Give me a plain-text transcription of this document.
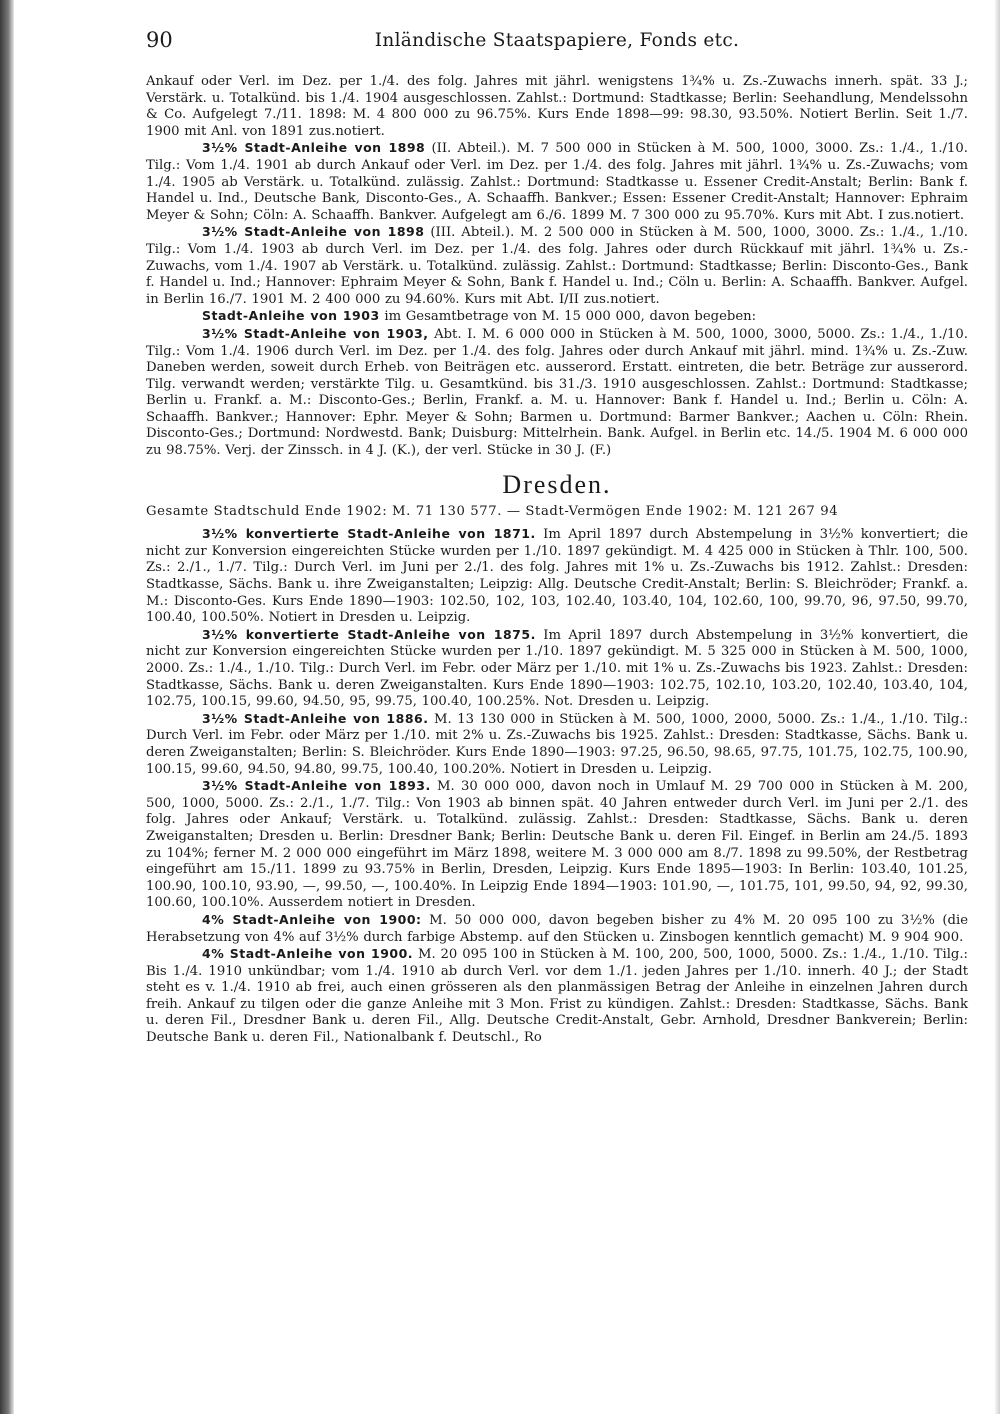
90	Inländische Staatspapiere, Fonds etc.

Ankauf oder Verl. im Dez. per 1./4. des folg. Jahres mit jährl. wenigstens 1¾% u. Zs.-Zuwachs innerh. spät. 33 J.; Verstärk. u. Totalkünd. bis 1./4. 1904 ausgeschlossen. Zahlst.: Dortmund: Stadtkasse; Berlin: Seehandlung, Mendelssohn & Co. Aufgelegt 7./11. 1898: M. 4 800 000 zu 96.75%. Kurs Ende 1898—99: 98.30, 93.50%. Notiert Berlin. Seit 1./7. 1900 mit Anl. von 1891 zus.notiert.

3½% Stadt-Anleihe von 1898 (II. Abteil.). M. 7 500 000 in Stücken à M. 500, 1000, 3000. Zs.: 1./4., 1./10. Tilg.: Vom 1./4. 1901 ab durch Ankauf oder Verl. im Dez. per 1./4. des folg. Jahres mit jährl. 1¾% u. Zs.-Zuwachs; vom 1./4. 1905 ab Verstärk. u. Totalkünd. zulässig. Zahlst.: Dortmund: Stadtkasse u. Essener Credit-Anstalt; Berlin: Bank f. Handel u. Ind., Deutsche Bank, Disconto-Ges., A. Schaaffh. Bankver.; Essen: Essener Credit-Anstalt; Hannover: Ephraim Meyer & Sohn; Cöln: A. Schaaffh. Bankver. Aufgelegt am 6./6. 1899 M. 7 300 000 zu 95.70%. Kurs mit Abt. I zus.notiert.

3½% Stadt-Anleihe von 1898 (III. Abteil.). M. 2 500 000 in Stücken à M. 500, 1000, 3000. Zs.: 1./4., 1./10. Tilg.: Vom 1./4. 1903 ab durch Verl. im Dez. per 1./4. des folg. Jahres oder durch Rückkauf mit jährl. 1¾% u. Zs.-Zuwachs, vom 1./4. 1907 ab Verstärk. u. Totalkünd. zulässig. Zahlst.: Dortmund: Stadtkasse; Berlin: Disconto-Ges., Bank f. Handel u. Ind.; Hannover: Ephraim Meyer & Sohn, Bank f. Handel u. Ind.; Cöln u. Berlin: A. Schaaffh. Bankver. Aufgel. in Berlin 16./7. 1901 M. 2 400 000 zu 94.60%. Kurs mit Abt. I/II zus.notiert.

Stadt-Anleihe von 1903 im Gesamtbetrage von M. 15 000 000, davon begeben:

3½% Stadt-Anleihe von 1903, Abt. I. M. 6 000 000 in Stücken à M. 500, 1000, 3000, 5000. Zs.: 1./4., 1./10. Tilg.: Vom 1./4. 1906 durch Verl. im Dez. per 1./4. des folg. Jahres oder durch Ankauf mit jährl. mind. 1¾% u. Zs.-Zuw. Daneben werden, soweit durch Erheb. von Beiträgen etc. ausserord. Erstatt. eintreten, die betr. Beträge zur ausserord. Tilg. verwandt werden; verstärkte Tilg. u. Gesamtkünd. bis 31./3. 1910 ausgeschlossen. Zahlst.: Dortmund: Stadtkasse; Berlin u. Frankf. a. M.: Disconto-Ges.; Berlin, Frankf. a. M. u. Hannover: Bank f. Handel u. Ind.; Berlin u. Cöln: A. Schaaffh. Bankver.; Hannover: Ephr. Meyer & Sohn; Barmen u. Dortmund: Barmer Bankver.; Aachen u. Cöln: Rhein. Disconto-Ges.; Dortmund: Nordwestd. Bank; Duisburg: Mittelrhein. Bank. Aufgel. in Berlin etc. 14./5. 1904 M. 6 000 000 zu 98.75%. Verj. der Zinssch. in 4 J. (K.), der verl. Stücke in 30 J. (F.)

Dresden.
Gesamte Stadtschuld Ende 1902: M. 71 130 577. — Stadt-Vermögen Ende 1902: M. 121 267 94

3½% konvertierte Stadt-Anleihe von 1871. Im April 1897 durch Abstempelung in 3½% konvertiert; die nicht zur Konversion eingereichten Stücke wurden per 1./10. 1897 gekündigt. M. 4 425 000 in Stücken à Thlr. 100, 500. Zs.: 2./1., 1./7. Tilg.: Durch Verl. im Juni per 2./1. des folg. Jahres mit 1% u. Zs.-Zuwachs bis 1912. Zahlst.: Dresden: Stadtkasse, Sächs. Bank u. ihre Zweiganstalten; Leipzig: Allg. Deutsche Credit-Anstalt; Berlin: S. Bleichröder; Frankf. a. M.: Disconto-Ges. Kurs Ende 1890—1903: 102.50, 102, 103, 102.40, 103.40, 104, 102.60, 100, 99.70, 96, 97.50, 99.70, 100.40, 100.50%. Notiert in Dresden u. Leipzig.

3½% konvertierte Stadt-Anleihe von 1875. Im April 1897 durch Abstempelung in 3½% konvertiert, die nicht zur Konversion eingereichten Stücke wurden per 1./10. 1897 gekündigt. M. 5 325 000 in Stücken à M. 500, 1000, 2000. Zs.: 1./4., 1./10. Tilg.: Durch Verl. im Febr. oder März per 1./10. mit 1% u. Zs.-Zuwachs bis 1923. Zahlst.: Dresden: Stadtkasse, Sächs. Bank u. deren Zweiganstalten. Kurs Ende 1890—1903: 102.75, 102.10, 103.20, 102.40, 103.40, 104, 102.75, 100.15, 99.60, 94.50, 95, 99.75, 100.40, 100.25%. Not. Dresden u. Leipzig.

3½% Stadt-Anleihe von 1886. M. 13 130 000 in Stücken à M. 500, 1000, 2000, 5000. Zs.: 1./4., 1./10. Tilg.: Durch Verl. im Febr. oder März per 1./10. mit 2% u. Zs.-Zuwachs bis 1925. Zahlst.: Dresden: Stadtkasse, Sächs. Bank u. deren Zweiganstalten; Berlin: S. Bleichröder. Kurs Ende 1890—1903: 97.25, 96.50, 98.65, 97.75, 101.75, 102.75, 100.90, 100.15, 99.60, 94.50, 94.80, 99.75, 100.40, 100.20%. Notiert in Dresden u. Leipzig.

3½% Stadt-Anleihe von 1893. M. 30 000 000, davon noch in Umlauf M. 29 700 000 in Stücken à M. 200, 500, 1000, 5000. Zs.: 2./1., 1./7. Tilg.: Von 1903 ab binnen spät. 40 Jahren entweder durch Verl. im Juni per 2./1. des folg. Jahres oder Ankauf; Verstärk. u. Totalkünd. zulässig. Zahlst.: Dresden: Stadtkasse, Sächs. Bank u. deren Zweiganstalten; Dresden u. Berlin: Dresdner Bank; Berlin: Deutsche Bank u. deren Fil. Eingef. in Berlin am 24./5. 1893 zu 104%; ferner M. 2 000 000 eingeführt im März 1898, weitere M. 3 000 000 am 8./7. 1898 zu 99.50%, der Restbetrag eingeführt am 15./11. 1899 zu 93.75% in Berlin, Dresden, Leipzig. Kurs Ende 1895—1903: In Berlin: 103.40, 101.25, 100.90, 100.10, 93.90, —, 99.50, —, 100.40%. In Leipzig Ende 1894—1903: 101.90, —, 101.75, 101, 99.50, 94, 92, 99.30, 100.60, 100.10%. Ausserdem notiert in Dresden.

4% Stadt-Anleihe von 1900: M. 50 000 000, davon begeben bisher zu 4% M. 20 095 100 zu 3½% (die Herabsetzung von 4% auf 3½% durch farbige Abstemp. auf den Stücken u. Zinsbogen kenntlich gemacht) M. 9 904 900.

4% Stadt-Anleihe von 1900. M. 20 095 100 in Stücken à M. 100, 200, 500, 1000, 5000. Zs.: 1./4., 1./10. Tilg.: Bis 1./4. 1910 unkündbar; vom 1./4. 1910 ab durch Verl. vor dem 1./1. jeden Jahres per 1./10. innerh. 40 J.; der Stadt steht es v. 1./4. 1910 ab frei, auch einen grösseren als den planmässigen Betrag der Anleihe in einzelnen Jahren durch freih. Ankauf zu tilgen oder die ganze Anleihe mit 3 Mon. Frist zu kündigen. Zahlst.: Dresden: Stadtkasse, Sächs. Bank u. deren Fil., Dresdner Bank u. deren Fil., Allg. Deutsche Credit-Anstalt, Gebr. Arnhold, Dresdner Bankverein; Berlin: Deutsche Bank u. deren Fil., Nationalbank f. Deutschl., Ro
